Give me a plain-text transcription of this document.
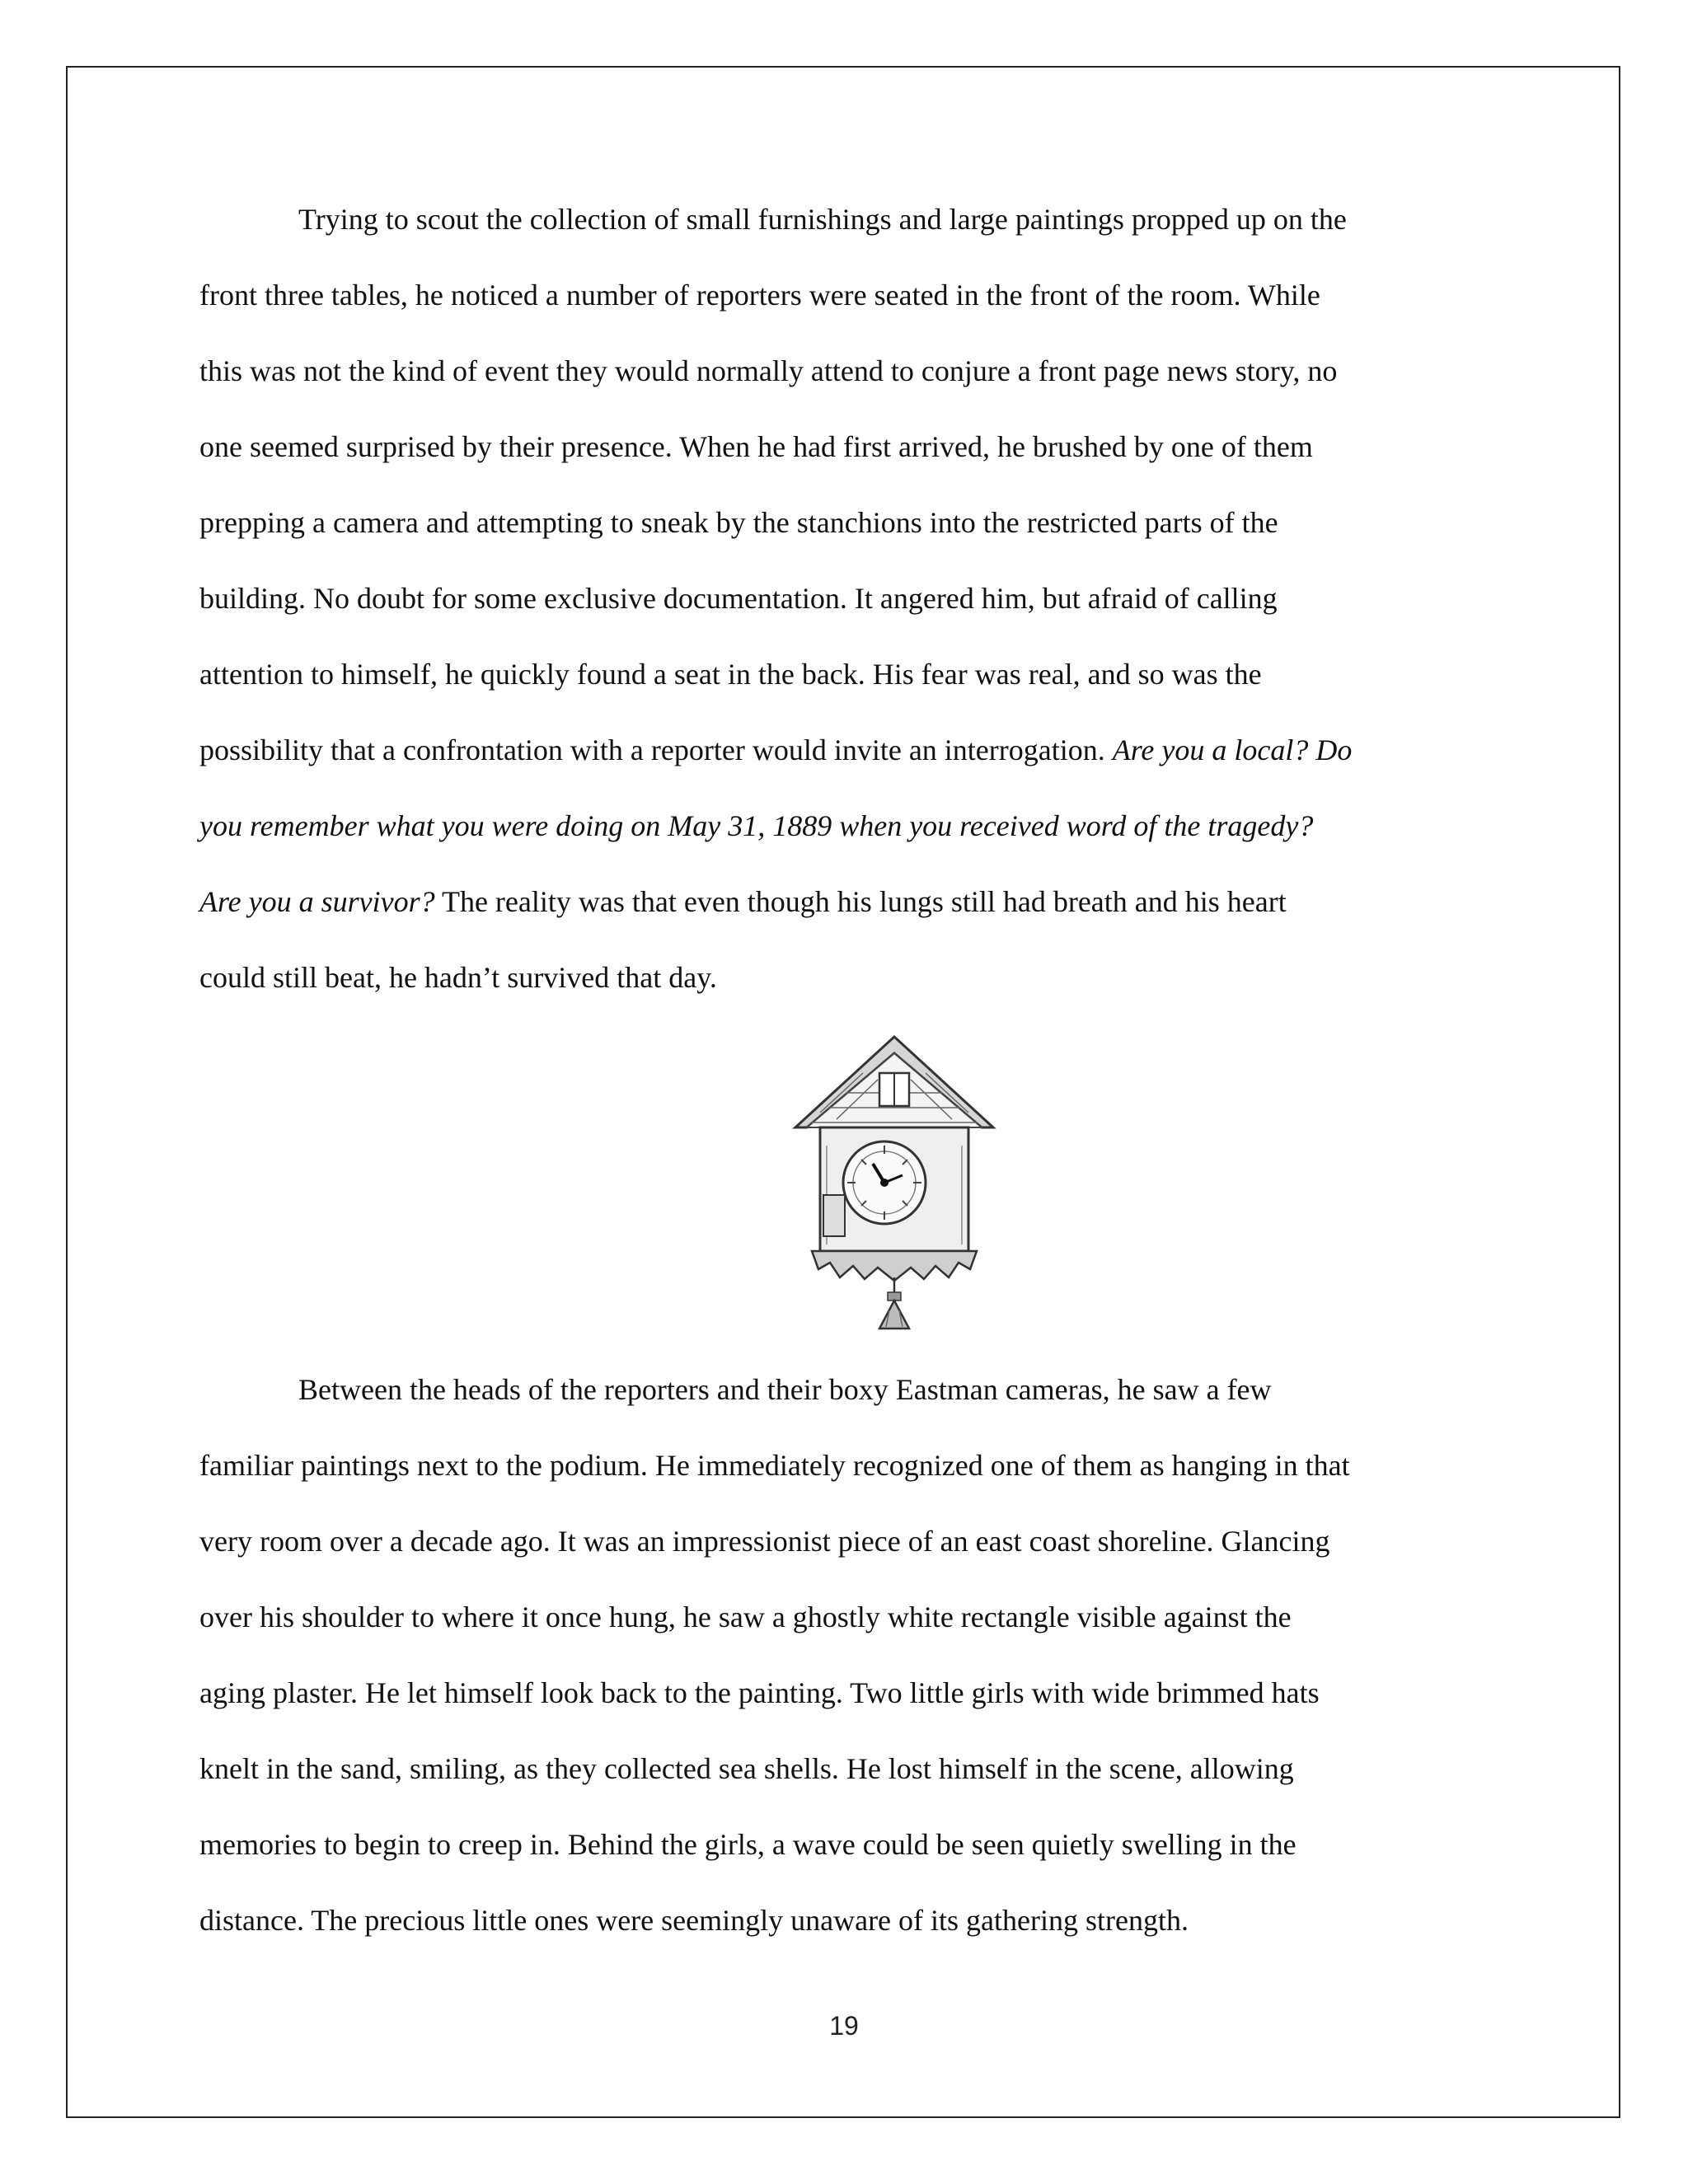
Trying to scout the collection of small furnishings and large paintings propped up on the
front three tables, he noticed a number of reporters were seated in the front of the room. While
this was not the kind of event they would normally attend to conjure a front page news story, no
one seemed surprised by their presence. When he had first arrived, he brushed by one of them
prepping a camera and attempting to sneak by the stanchions into the restricted parts of the
building. No doubt for some exclusive documentation. It angered him, but afraid of calling
attention to himself, he quickly found a seat in the back. His fear was real, and so was the
possibility that a confrontation with a reporter would invite an interrogation. Are you a local? Do
you remember what you were doing on May 31, 1889 when you received word of the tragedy?
Are you a survivor? The reality was that even though his lungs still had breath and his heart
could still beat, he hadn’t survived that day.
Between the heads of the reporters and their boxy Eastman cameras, he saw a few
familiar paintings next to the podium. He immediately recognized one of them as hanging in that
very room over a decade ago. It was an impressionist piece of an east coast shoreline. Glancing
over his shoulder to where it once hung, he saw a ghostly white rectangle visible against the
aging plaster. He let himself look back to the painting. Two little girls with wide brimmed hats
knelt in the sand, smiling, as they collected sea shells. He lost himself in the scene, allowing
memories to begin to creep in. Behind the girls, a wave could be seen quietly swelling in the
distance. The precious little ones were seemingly unaware of its gathering strength.
19
